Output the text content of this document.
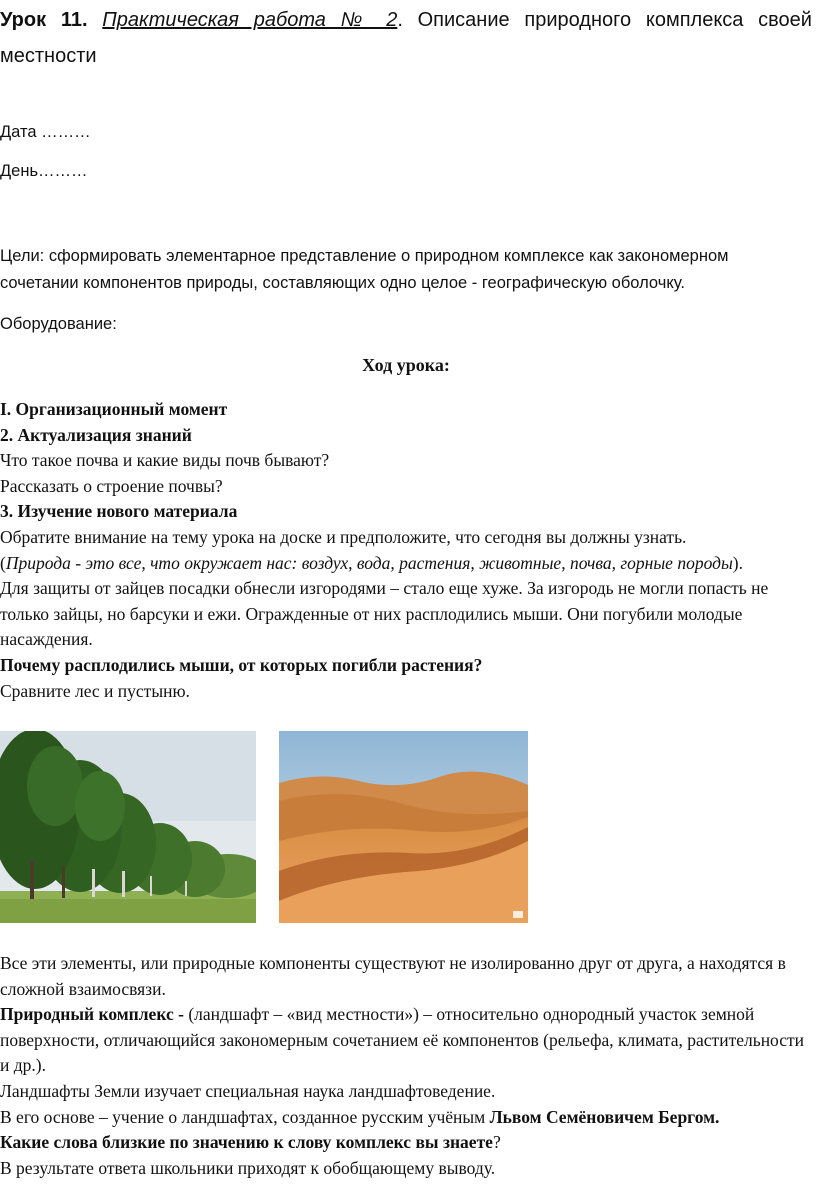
Урок 11. Практическая работа № 2. Описание природного комплекса своей местности
Дата ………
День………
Цели: сформировать элементарное представление о природном комплексе как закономерном сочетании компонентов природы, составляющих одно целое - географическую оболочку.
Оборудование:
Ход урока:

I. Организационный момент

2. Актуализация знаний

Что такое почва и какие виды почв бывают?

Рассказать о строение почвы?

3. Изучение нового материала

Обратите внимание на тему урока на доске и предположите, что сегодня вы должны узнать.

(Природа - это все, что окружает нас: воздух, вода, растения, животные, почва, горные породы).

Для защиты от зайцев посадки обнесли изгородями – стало еще хуже. За изгородь не могли попасть не только зайцы, но барсуки и ежи. Огражденные от них расплодились мыши. Они погубили молодые насаждения.

Почему расплодились мыши, от которых погибли растения?

Сравните лес и пустыню.

Все эти элементы, или природные компоненты существуют не изолированно друг от друга, а находятся в сложной взаимосвязи.

Природный комплекс - (ландшафт – «вид местности») – относительно однородный участок земной поверхности, отличающийся закономерным сочетанием её компонентов (рельефа, климата, растительности и др.).

Ландшафты Земли изучает специальная наука ландшафтоведение.

В его основе – учение о ландшафтах, созданное русским учёным Львом Семёновичем Бергом.

Какие слова близкие по значению к слову комплекс вы знаете?

В результате ответа школьники приходят к обобщающему выводу.
